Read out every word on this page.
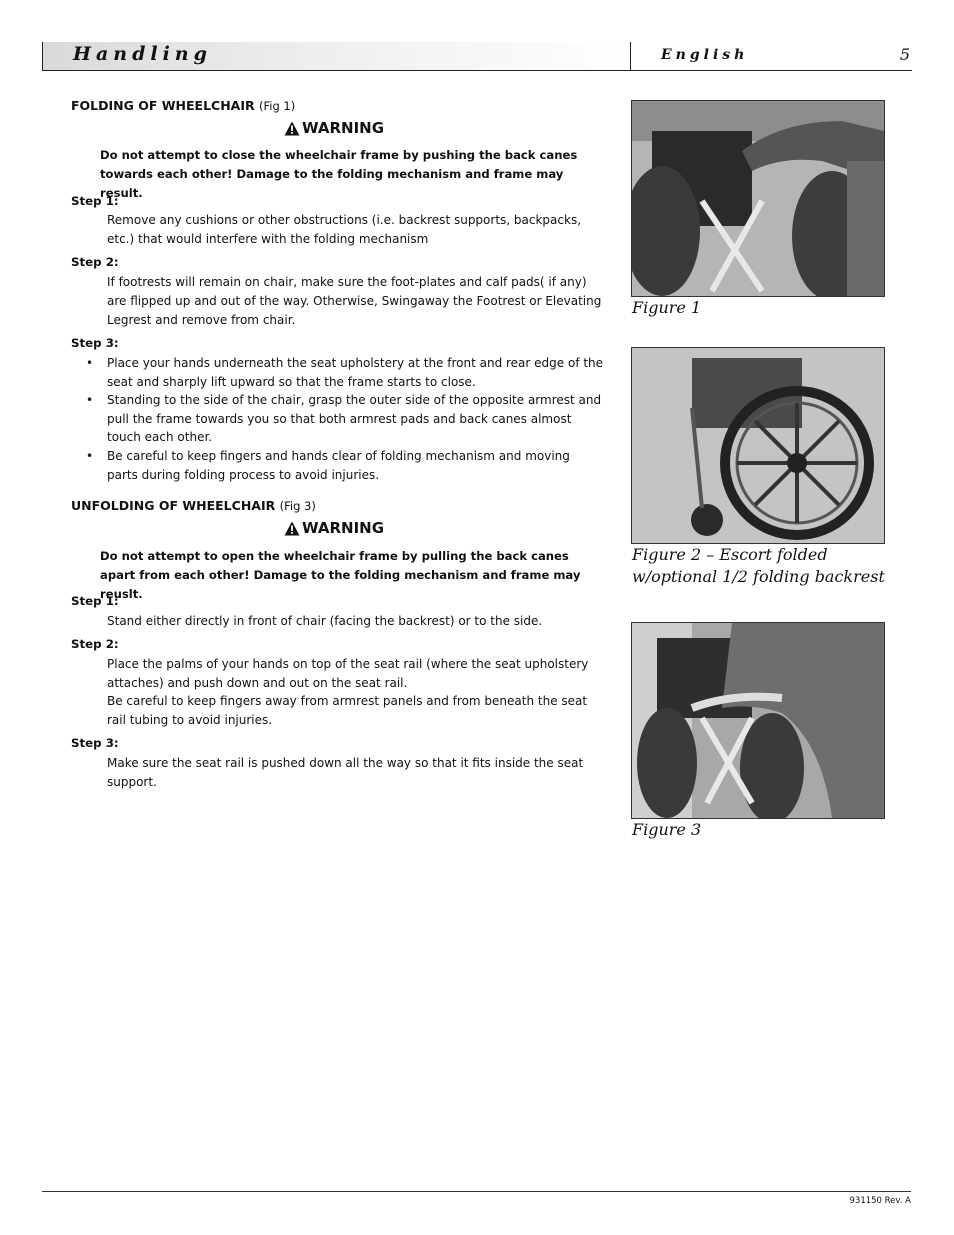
Handling	English	5
FOLDING OF WHEELCHAIR (Fig 1)
WARNING
Do not attempt to close the wheelchair frame by pushing the back canes towards each other! Damage to the folding mechanism and frame may result.
Step 1:

Remove any cushions or other obstructions (i.e. backrest supports, backpacks, etc.) that would interfere with the folding mechanism

Step 2:

If footrests will remain on chair, make sure the foot-plates and calf pads( if any) are flipped up and out of the way. Otherwise, Swingaway the Footrest or Elevating Legrest and remove from chair.

Step 3:
• Place your hands underneath the seat upholstery at the front and rear edge of the seat and sharply lift upward so that the frame starts to close.
• Standing to the side of the chair, grasp the outer side of the opposite armrest and pull the frame towards you so that both armrest pads and back canes almost touch each other.
• Be careful to keep fingers and hands clear of folding mechanism and moving parts during folding process to avoid injuries.
UNFOLDING OF WHEELCHAIR (Fig 3)
WARNING
Do not attempt to open the wheelchair frame by pulling the back canes apart from each other! Damage to the folding mechanism and frame may reuslt.
Step 1:

Stand either directly in front of chair (facing the backrest) or to the side.

Step 2:

Place the palms of your hands on top of the seat rail (where the seat upholstery attaches) and push down and out on the seat rail.

Be careful to keep fingers away from armrest panels and from beneath the seat rail tubing to avoid injuries.

Step 3:

Make sure the seat rail is pushed down all the way so that it fits inside the seat support.

Figure 1
Figure 2 – Escort folded w/optional 1/2 folding backrest
Figure 3
931150 Rev. A
